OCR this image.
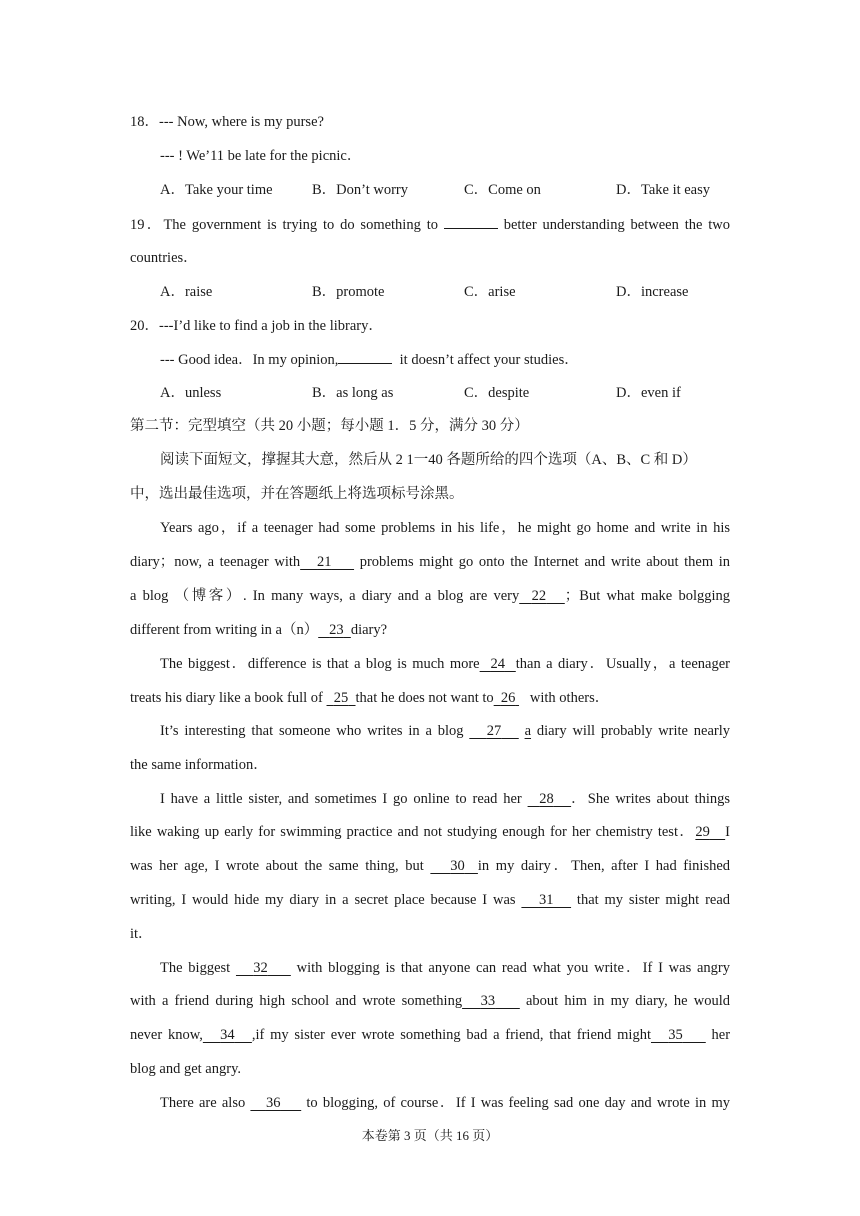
18．--- Now, where is my purse?
--- ! We’11 be late for the picnic．
A．Take your time	B．Don’t worry	C．Come on	D．Take it easy
19．The government is trying to do something to	better understanding between the two
countries．
A．raise	B．promote	C．arise	D．increase
20．---I’d like to find a job in the library．
--- Good idea．In my opinion,	it doesn’t affect your studies．
A．unless	B．as long as	C．despite	D．even if
第二节：完型填空（共 20 小题；每小题 1．5 分，满分 30 分）
阅读下面短文，撑握其大意，然后从 2 1一40 各题所给的四个选项（A、B、C 和 D）
中，选出最佳选项，并在答题纸上将选项标号涂黑。
Years ago，if a teenager had some problems in his life，he might go home and write in his
diary；now, a teenager with 21 problems might go onto the Internet and write about them in
a blog （博客）. In many ways, a diary and a blog are very 22 ；But what make bolgging
different from writing in a（n） 23 diary?
The biggest．difference is that a blog is much more 24 than a diary．Usually，a teenager
treats his diary like a book full of 25 that he does not want to 26 with others．
It’s interesting that someone who writes in a blog 27 a diary will probably write nearly
the same information．
I have a little sister, and sometimes I go online to read her 28 ．She writes about things
like waking up early for swimming practice and not studying enough for her chemistry test．29 I
was her age, I wrote about the same thing, but 30 in my dairy．Then, after I had finished
writing, I would hide my diary in a secret place because I was 31 that my sister might read
it．
The biggest 32 with blogging is that anyone can read what you write．If I was angry
with a friend during high school and wrote something 33 about him in my diary, he would
never know, 34 ,if my sister ever wrote something bad a friend, that friend might 35 her
blog and get angry.
There are also 36 to blogging, of course．If I was feeling sad one day and wrote in my
本卷第 3 页（共 16 页）
